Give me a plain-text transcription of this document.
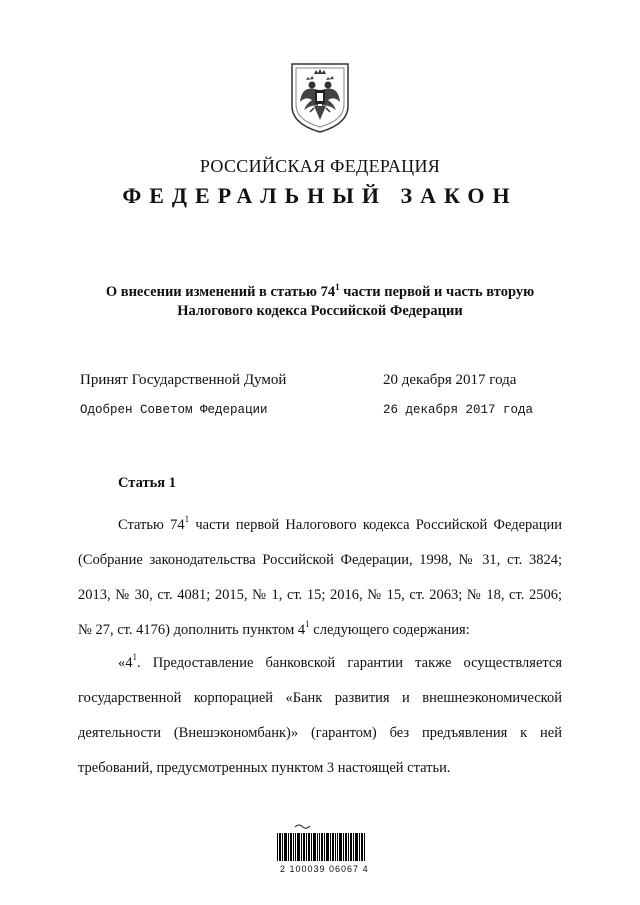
РОССИЙСКАЯ ФЕДЕРАЦИЯ
ФЕДЕРАЛЬНЫЙ ЗАКОН
О внесении изменений в статью $74^1$ части первой и часть вторую
Налогового кодекса Российской Федерации
Принят Государственной Думой	20 декабря 2017 года
Одобрен Советом Федерации	26 декабря 2017 года
Статья 1
Статью $74^1$ части первой Налогового кодекса Российской Федерации
(Собрание законодательства Российской Федерации, 1998, № 31, ст. 3824;
2013, № 30, ст. 4081; 2015, № 1, ст. 15; 2016, № 15, ст. 2063; № 18, ст. 2506;
№ 27, ст. 4176) дополнить пунктом $4^1$ следующего содержания:
«$4^1$. Предоставление банковской гарантии также осуществляется
государственной корпорацией «Банк развития и внешнеэкономической
деятельности (Внешэкономбанк)» (гарантом) без предъявления к ней
требований, предусмотренных пунктом 3 настоящей статьи.
2 100039 06067 4
